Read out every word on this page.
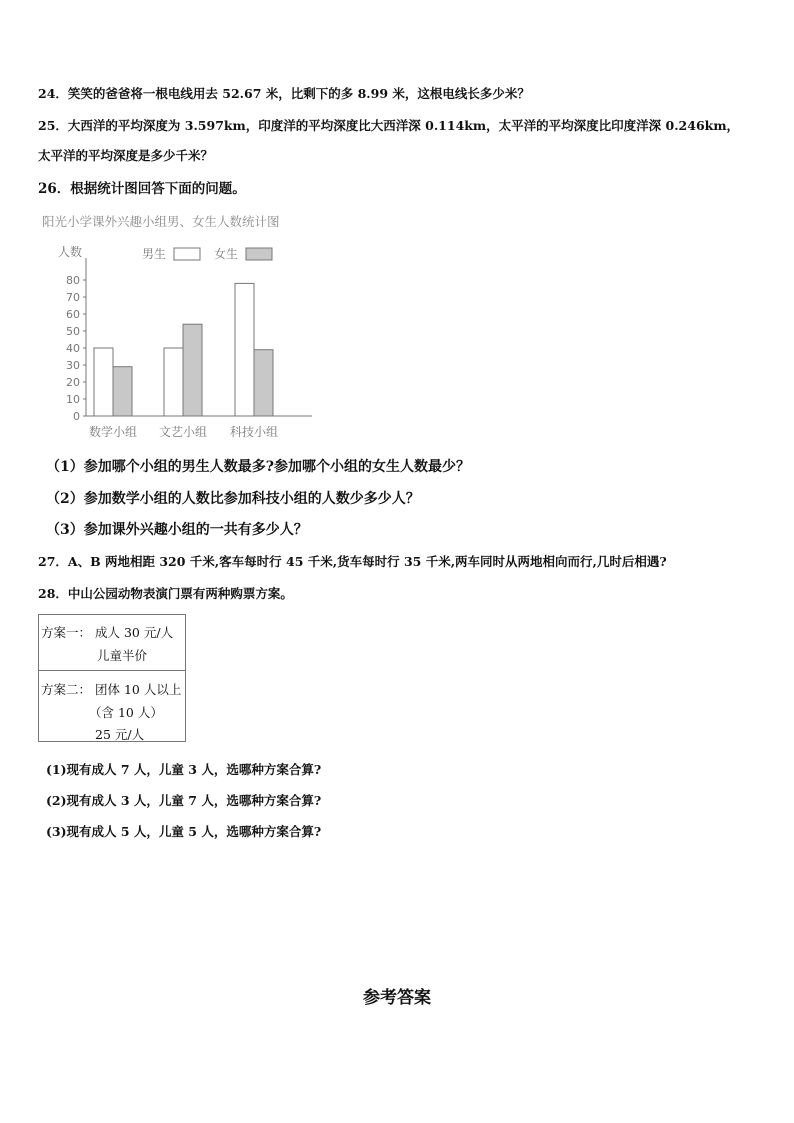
24．笑笑的爸爸将一根电线用去 52.67 米，比剩下的多 8.99 米，这根电线长多少米？
25．大西洋的平均深度为 3.597km，印度洋的平均深度比大西洋深 0.114km，太平洋的平均深度比印度洋深 0.246km，
太平洋的平均深度是多少千米？
26．根据统计图回答下面的问题。
阳光小学课外兴趣小组男、女生人数统计图
人数
0
10
20
30
40
50
60
70
80
男生	女生
数学小组 文艺小组 科技小组
（1）参加哪个小组的男生人数最多?参加哪个小组的女生人数最少？
（2）参加数学小组的人数比参加科技小组的人数少多少人？
（3）参加课外兴趣小组的一共有多少人？
27．A、B 两地相距 320 千米,客车每时行 45 千米,货车每时行 35 千米,两车同时从两地相向而行,几时后相遇?
28．中山公园动物表演门票有两种购票方案。
方案一： 成人 30 元/人
儿童半价
方案二： 团体 10 人以上
（含 10 人）
25 元/人
(1)现有成人 7 人，儿童 3 人，选哪种方案合算?
(2)现有成人 3 人，儿童 7 人，选哪种方案合算?
(3)现有成人 5 人，儿童 5 人，选哪种方案合算?
参考答案
